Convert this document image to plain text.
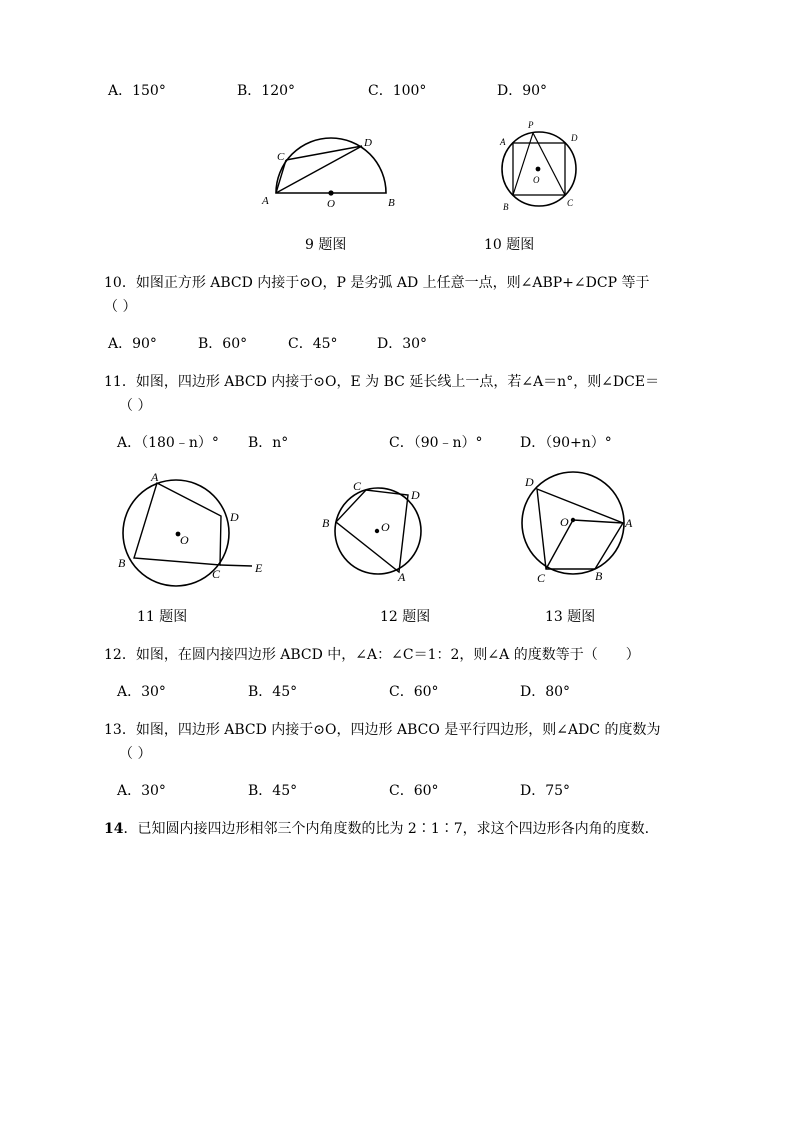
A．150°	B．120°	C．100°	D．90°
A	B
C
D
O
9 题图
A
B	C
D
O
P
10 题图
10．如图正方形 ABCD 内接于⊙O，P 是劣弧 AD 上任意一点，则∠ABP+∠DCP 等于
（ ）
A．90°	B．60°	C．45°	D．30°
11．如图，四边形 ABCD 内接于⊙O，E 为 BC 延长线上一点，若∠A＝n°，则∠DCE＝
（ ）
A．（180﹣n）° B．n°	C．（90﹣n）°	D．（90+n）°
A
B
C
D
O
E
11 题图
C
D
B	O
A
12 题图
D
O	A
C	B
13 题图
12．如图，在圆内接四边形 ABCD 中，∠A：∠C＝1：2，则∠A 的度数等于（　　）
A．30°	B．45°	C．60°	D．80°
13．如图，四边形 ABCD 内接于⊙O，四边形 ABCO 是平行四边形，则∠ADC 的度数为
（ ）
A．30°	B．45°	C．60°	D．75°
14．已知圆内接四边形相邻三个内角度数的比为 2∶1∶7，求这个四边形各内角的度数.
